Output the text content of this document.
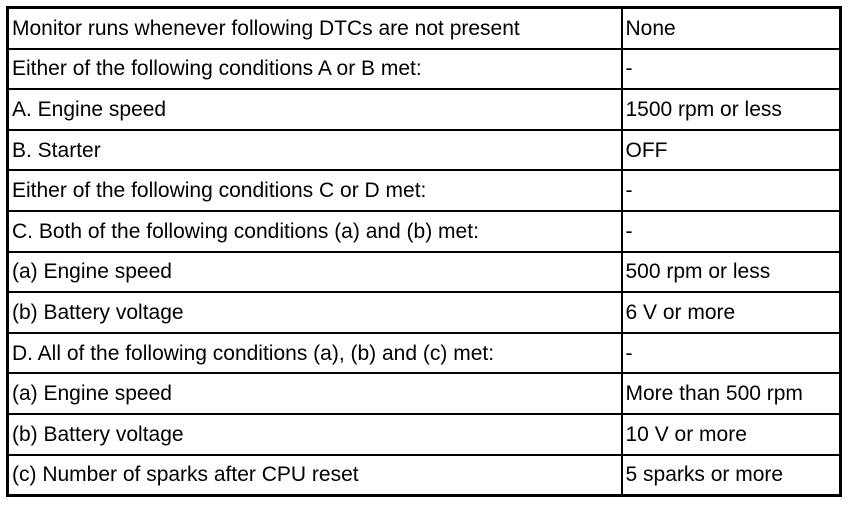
Monitor runs whenever following DTCs are not present	None
Either of the following conditions A or B met:	-
A. Engine speed	1500 rpm or less
B. Starter	OFF
Either of the following conditions C or D met:	-
C. Both of the following conditions (a) and (b) met:	-
(a) Engine speed	500 rpm or less
(b) Battery voltage	6 V or more
D. All of the following conditions (a), (b) and (c) met:	-
(a) Engine speed	More than 500 rpm
(b) Battery voltage	10 V or more
(c) Number of sparks after CPU reset	5 sparks or more
